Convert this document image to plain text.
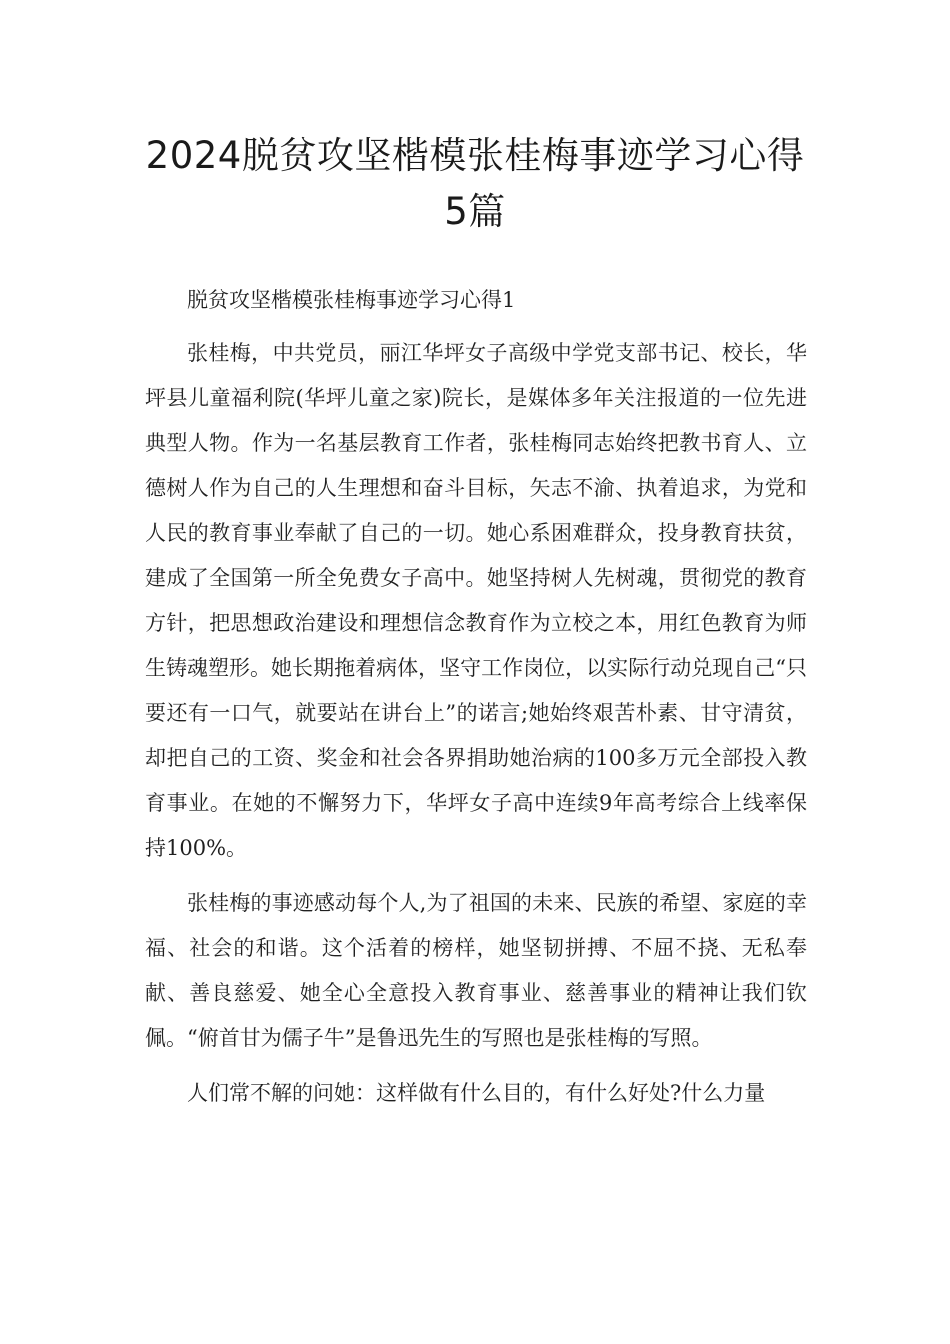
2024脱贫攻坚楷模张桂梅事迹学习心得
5篇
脱贫攻坚楷模张桂梅事迹学习心得1

张桂梅，中共党员，丽江华坪女子高级中学党支部书记、校长，华坪县儿童福利院(华坪儿童之家)院长，是媒体多年关注报道的一位先进典型人物。作为一名基层教育工作者，张桂梅同志始终把教书育人、立德树人作为自己的人生理想和奋斗目标，矢志不渝、执着追求，为党和人民的教育事业奉献了自己的一切。她心系困难群众，投身教育扶贫，建成了全国第一所全免费女子高中。她坚持树人先树魂，贯彻党的教育方针，把思想政治建设和理想信念教育作为立校之本，用红色教育为师生铸魂塑形。她长期拖着病体，坚守工作岗位，以实际行动兑现自己“只要还有一口气，就要站在讲台上”的诺言;她始终艰苦朴素、甘守清贫，却把自己的工资、奖金和社会各界捐助她治病的100多万元全部投入教育事业。在她的不懈努力下，华坪女子高中连续9年高考综合上线率保持100%。

张桂梅的事迹感动每个人,为了祖国的未来、民族的希望、家庭的幸福、社会的和谐。这个活着的榜样，她坚韧拼搏、不屈不挠、无私奉献、善良慈爱、她全心全意投入教育事业、慈善事业的精神让我们钦佩。“俯首甘为儒子牛”是鲁迅先生的写照也是张桂梅的写照。

人们常不解的问她：这样做有什么目的，有什么好处?什么力量
